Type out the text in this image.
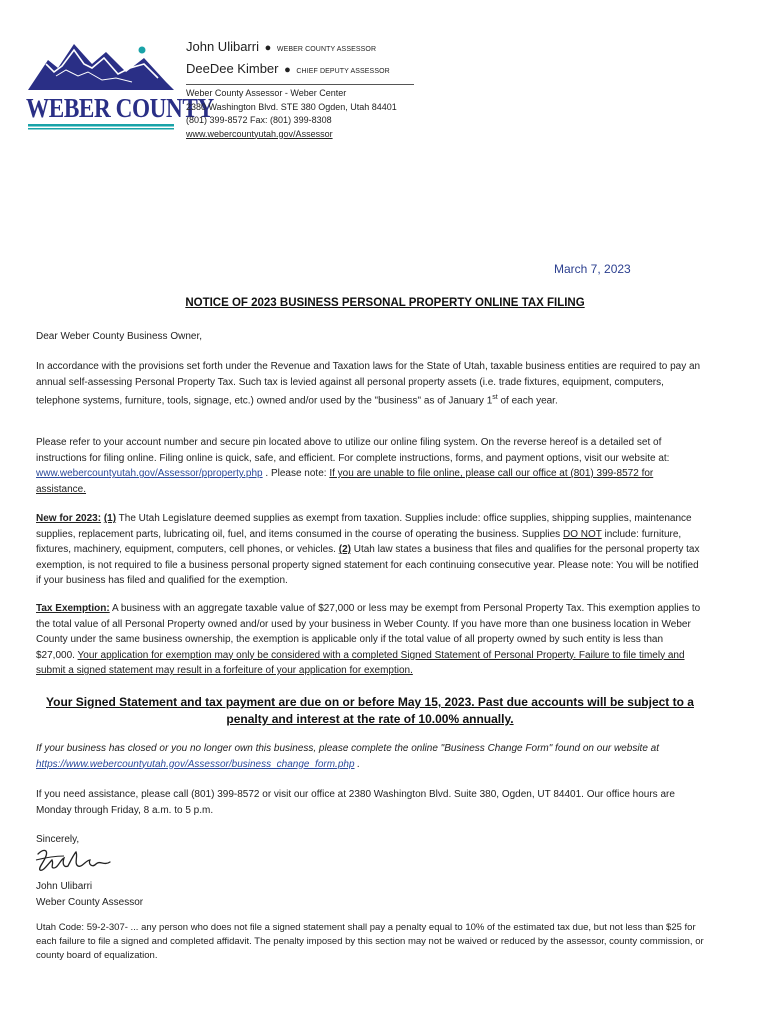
WEBER COUNTY
John Ulibarri ● WEBER COUNTY ASSESSOR
DeeDee Kimber ● CHIEF DEPUTY ASSESSOR
Weber County Assessor - Weber Center
2380 Washington Blvd. STE 380 Ogden, Utah 84401
(801) 399-8572 Fax: (801) 399-8308
www.webercountyutah.gov/Assessor
March 7, 2023
NOTICE OF 2023 BUSINESS PERSONAL PROPERTY ONLINE TAX FILING

Dear Weber County Business Owner,

In accordance with the provisions set forth under the Revenue and Taxation laws for the State of Utah, taxable business entities are required to pay an annual self-assessing Personal Property Tax. Such tax is levied against all personal property assets (i.e. trade fixtures, equipment, computers, telephone systems, furniture, tools, signage, etc.) owned and/or used by the "business" as of January 1st of each year.

Please refer to your account number and secure pin located above to utilize our online filing system. On the reverse hereof is a detailed set of instructions for filing online. Filing online is quick, safe, and efficient. For complete instructions, forms, and payment options, visit our website at: www.webercountyutah.gov/Assessor/pproperty.php . Please note: If you are unable to file online, please call our office at (801) 399-8572 for assistance.

New for 2023: (1) The Utah Legislature deemed supplies as exempt from taxation. Supplies include: office supplies, shipping supplies, maintenance supplies, replacement parts, lubricating oil, fuel, and items consumed in the course of operating the business. Supplies DO NOT include: furniture, fixtures, machinery, equipment, computers, cell phones, or vehicles. (2) Utah law states a business that files and qualifies for the personal property tax exemption, is not required to file a business personal property signed statement for each continuing consecutive year. Please note: You will be notified if your business has filed and qualified for the exemption.

Tax Exemption: A business with an aggregate taxable value of $27,000 or less may be exempt from Personal Property Tax. This exemption applies to the total value of all Personal Property owned and/or used by your business in Weber County. If you have more than one business location in Weber County under the same business ownership, the exemption is applicable only if the total value of all property owned by such entity is less than $27,000. Your application for exemption may only be considered with a completed Signed Statement of Personal Property. Failure to file timely and submit a signed statement may result in a forfeiture of your application for exemption.

Your Signed Statement and tax payment are due on or before May 15, 2023. Past due accounts will be subject to a penalty and interest at the rate of 10.00% annually.

If your business has closed or you no longer own this business, please complete the online "Business Change Form" found on our website at https://www.webercountyutah.gov/Assessor/business_change_form.php .

If you need assistance, please call (801) 399-8572 or visit our office at 2380 Washington Blvd. Suite 380, Ogden, UT 84401. Our office hours are Monday through Friday, 8 a.m. to 5 p.m.

Sincerely,

John Ulibarri

Weber County Assessor

Utah Code: 59-2-307- ... any person who does not file a signed statement shall pay a penalty equal to 10% of the estimated tax due, but not less than $25 for each failure to file a signed and completed affidavit. The penalty imposed by this section may not be waived or reduced by the assessor, county commission, or county board of equalization.
